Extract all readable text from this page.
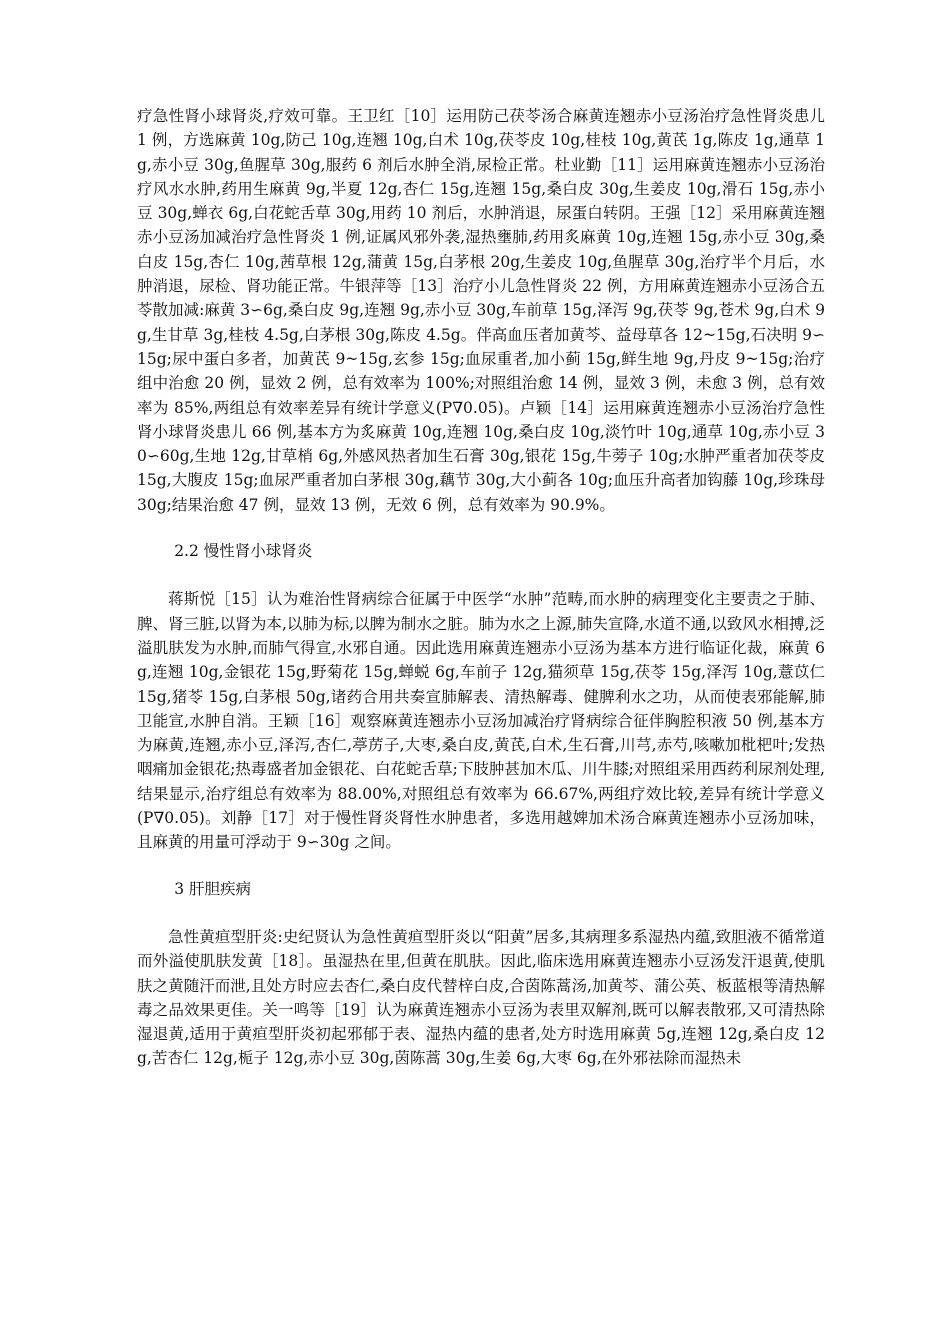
疗急性肾小球肾炎,疗效可靠。王卫红［10］运用防己茯苓汤合麻黄连翘赤小豆汤治疗急性肾炎患儿 1 例，方选麻黄 10g,防己 10g,连翘 10g,白术 10g,茯苓皮 10g,桂枝 10g,黄芪 1g,陈皮 1g,通草 1g,赤小豆 30g,鱼腥草 30g,服药 6 剂后水肿全消,尿检正常。杜业勤［11］运用麻黄连翘赤小豆汤治疗风水水肿,药用生麻黄 9g,半夏 12g,杏仁 15g,连翘 15g,桑白皮 30g,生姜皮 10g,滑石 15g,赤小豆 30g,蝉衣 6g,白花蛇舌草 30g,用药 10 剂后，水肿消退，尿蛋白转阴。王强［12］采用麻黄连翘赤小豆汤加减治疗急性肾炎 1 例,证属风邪外袭,湿热壅肺,药用炙麻黄 10g,连翘 15g,赤小豆 30g,桑白皮 15g,杏仁 10g,茜草根 12g,蒲黄 15g,白茅根 20g,生姜皮 10g,鱼腥草 30g,治疗半个月后，水肿消退，尿检、肾功能正常。牛银萍等［13］治疗小儿急性肾炎 22 例，方用麻黄连翘赤小豆汤合五苓散加减:麻黄 3∽6g,桑白皮 9g,连翘 9g,赤小豆 30g,车前草 15g,泽泻 9g,茯苓 9g,苍术 9g,白术 9g,生甘草 3g,桂枝 4.5g,白茅根 30g,陈皮 4.5g。伴高血压者加黄芩、益母草各 12~15g,石决明 9∽15g;尿中蛋白多者，加黄芪 9~15g,玄参 15g;血尿重者,加小蓟 15g,鲜生地 9g,丹皮 9~15g;治疗组中治愈 20 例，显效 2 例，总有效率为 100%;对照组治愈 14 例，显效 3 例，未愈 3 例，总有效率为 85%,两组总有效率差异有统计学意义(P∇0.05)。卢颖［14］运用麻黄连翘赤小豆汤治疗急性肾小球肾炎患儿 66 例,基本方为炙麻黄 10g,连翘 10g,桑白皮 10g,淡竹叶 10g,通草 10g,赤小豆 30∽60g,生地 12g,甘草梢 6g,外感风热者加生石膏 30g,银花 15g,牛蒡子 10g;水肿严重者加茯苓皮 15g,大腹皮 15g;血尿严重者加白茅根 30g,藕节 30g,大小蓟各 10g;血压升高者加钩藤 10g,珍珠母 30g;结果治愈 47 例，显效 13 例，无效 6 例，总有效率为 90.9%。

2.2 慢性肾小球肾炎

蒋斯悦［15］认为难治性肾病综合征属于中医学“水肿”范畴,而水肿的病理变化主要责之于肺、脾、肾三脏,以肾为本,以肺为标,以脾为制水之脏。肺为水之上源,肺失宣降,水道不通,以致风水相搏,泛溢肌肤发为水肿,而肺气得宣,水邪自通。因此选用麻黄连翘赤小豆汤为基本方进行临证化裁，麻黄 6g,连翘 10g,金银花 15g,野菊花 15g,蝉蜕 6g,车前子 12g,猫须草 15g,茯苓 15g,泽泻 10g,薏苡仁 15g,猪苓 15g,白茅根 50g,诸药合用共奏宣肺解表、清热解毒、健脾利水之功，从而使表邪能解,肺卫能宣,水肿自消。王颖［16］观察麻黄连翘赤小豆汤加减治疗肾病综合征伴胸腔积液 50 例,基本方为麻黄,连翘,赤小豆,泽泻,杏仁,葶苈子,大枣,桑白皮,黄芪,白术,生石膏,川芎,赤芍,咳嗽加枇杷叶;发热咽痛加金银花;热毒盛者加金银花、白花蛇舌草;下肢肿甚加木瓜、川牛膝;对照组采用西药利尿剂处理,结果显示,治疗组总有效率为 88.00%,对照组总有效率为 66.67%,两组疗效比较,差异有统计学意义(P∇0.05)。刘静［17］对于慢性肾炎肾性水肿患者，多选用越婢加术汤合麻黄连翘赤小豆汤加味，且麻黄的用量可浮动于 9∽30g 之间。

3 肝胆疾病

急性黄疸型肝炎:史纪贤认为急性黄疸型肝炎以“阳黄”居多,其病理多系湿热内蕴,致胆液不循常道而外溢使肌肤发黄［18］。虽湿热在里,但黄在肌肤。因此,临床选用麻黄连翘赤小豆汤发汗退黄,使肌肤之黄随汗而泄,且处方时应去杏仁,桑白皮代替梓白皮,合茵陈蒿汤,加黄芩、蒲公英、板蓝根等清热解毒之品效果更佳。关一鸣等［19］认为麻黄连翘赤小豆汤为表里双解剂,既可以解表散邪,又可清热除湿退黄,适用于黄疸型肝炎初起邪郁于表、湿热内蕴的患者,处方时选用麻黄 5g,连翘 12g,桑白皮 12g,苦杏仁 12g,栀子 12g,赤小豆 30g,茵陈蒿 30g,生姜 6g,大枣 6g,在外邪祛除而湿热未
